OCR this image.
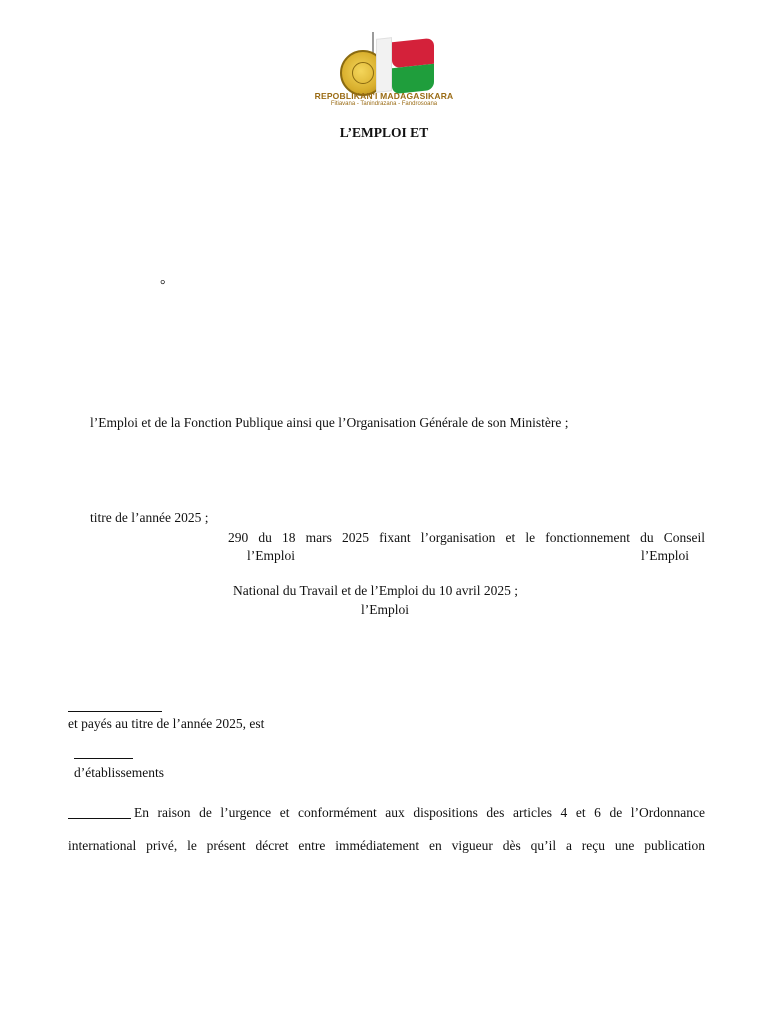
REPOBLIKAN'I MADAGASIKARA
Fitiavana - Tanindrazana - Fandrosoana
L’EMPLOI ET
°
l’Emploi et de la Fonction Publique ainsi que l’Organisation Générale de son Ministère ;
titre de l’année 2025 ;
290 du 18 mars 2025 fixant l’organisation et le fonctionnement du Conseil
l’Emploi	l’Emploi
National du Travail et de l’Emploi du 10 avril 2025 ;
l’Emploi
et payés au titre de l’année 2025, est
d’établissements
En raison de l’urgence et conformément aux dispositions des articles 4 et 6 de l’Ordonnance
international privé, le présent décret entre immédiatement en vigueur dès qu’il a reçu une publication
